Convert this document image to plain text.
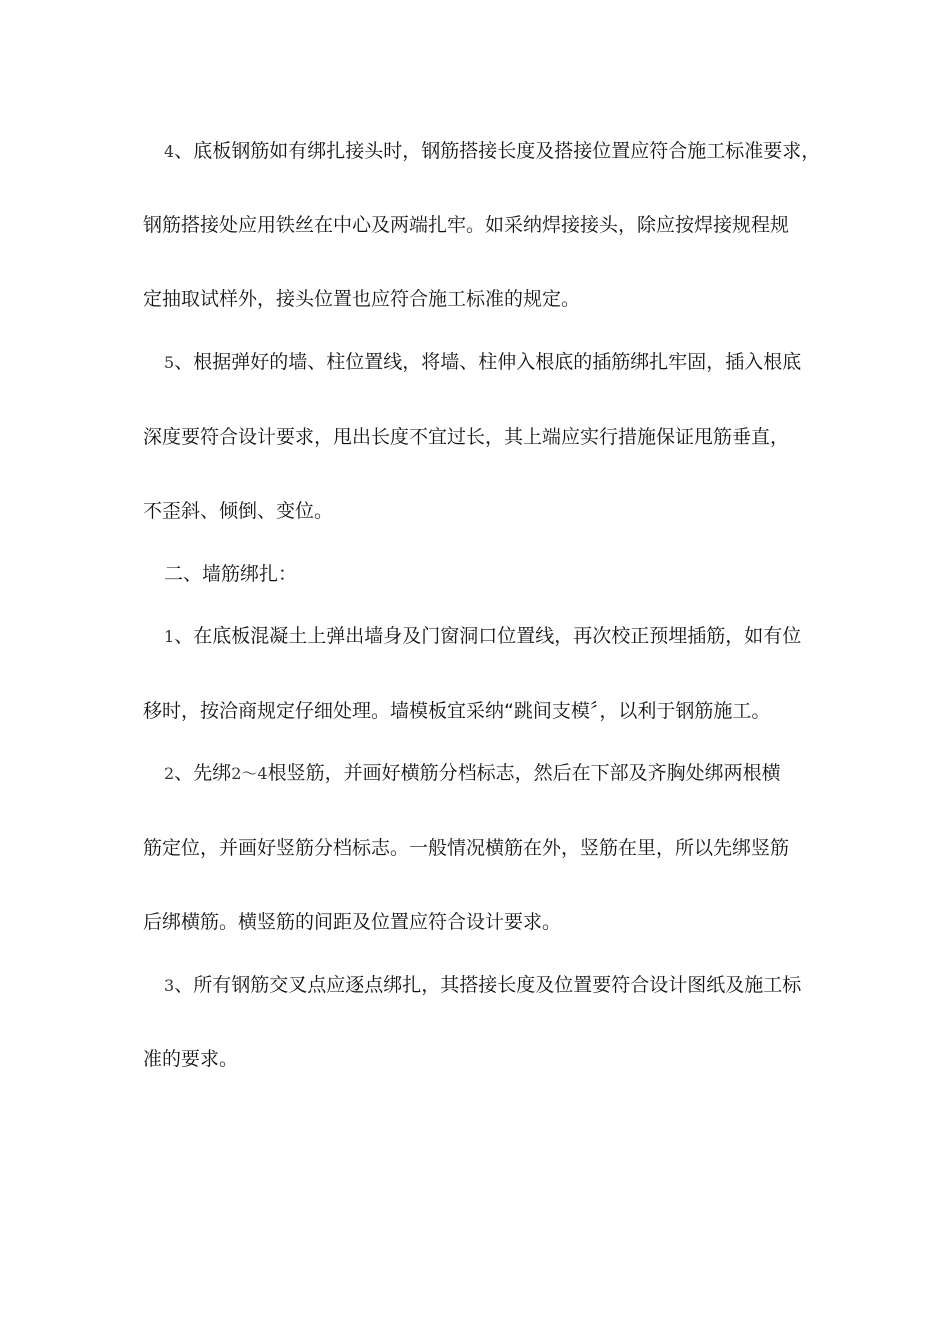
4、底板钢筋如有绑扎接头时，钢筋搭接长度及搭接位置应符合施工标准要求，
钢筋搭接处应用铁丝在中心及两端扎牢。如采纳焊接接头，除应按焊接规程规
定抽取试样外，接头位置也应符合施工标准的规定。
5、根据弹好的墙、柱位置线，将墙、柱伸入根底的插筋绑扎牢固，插入根底
深度要符合设计要求，甩出长度不宜过长，其上端应实行措施保证甩筋垂直，
不歪斜、倾倒、变位。
二、墙筋绑扎：
1、在底板混凝土上弹出墙身及门窗洞口位置线，再次校正预埋插筋，如有位
移时，按洽商规定仔细处理。墙模板宜采纳“跳间支模〞，以利于钢筋施工。
2、先绑2～4根竖筋，并画好横筋分档标志，然后在下部及齐胸处绑两根横
筋定位，并画好竖筋分档标志。一般情况横筋在外，竖筋在里，所以先绑竖筋
后绑横筋。横竖筋的间距及位置应符合设计要求。
3、所有钢筋交叉点应逐点绑扎，其搭接长度及位置要符合设计图纸及施工标
准的要求。
